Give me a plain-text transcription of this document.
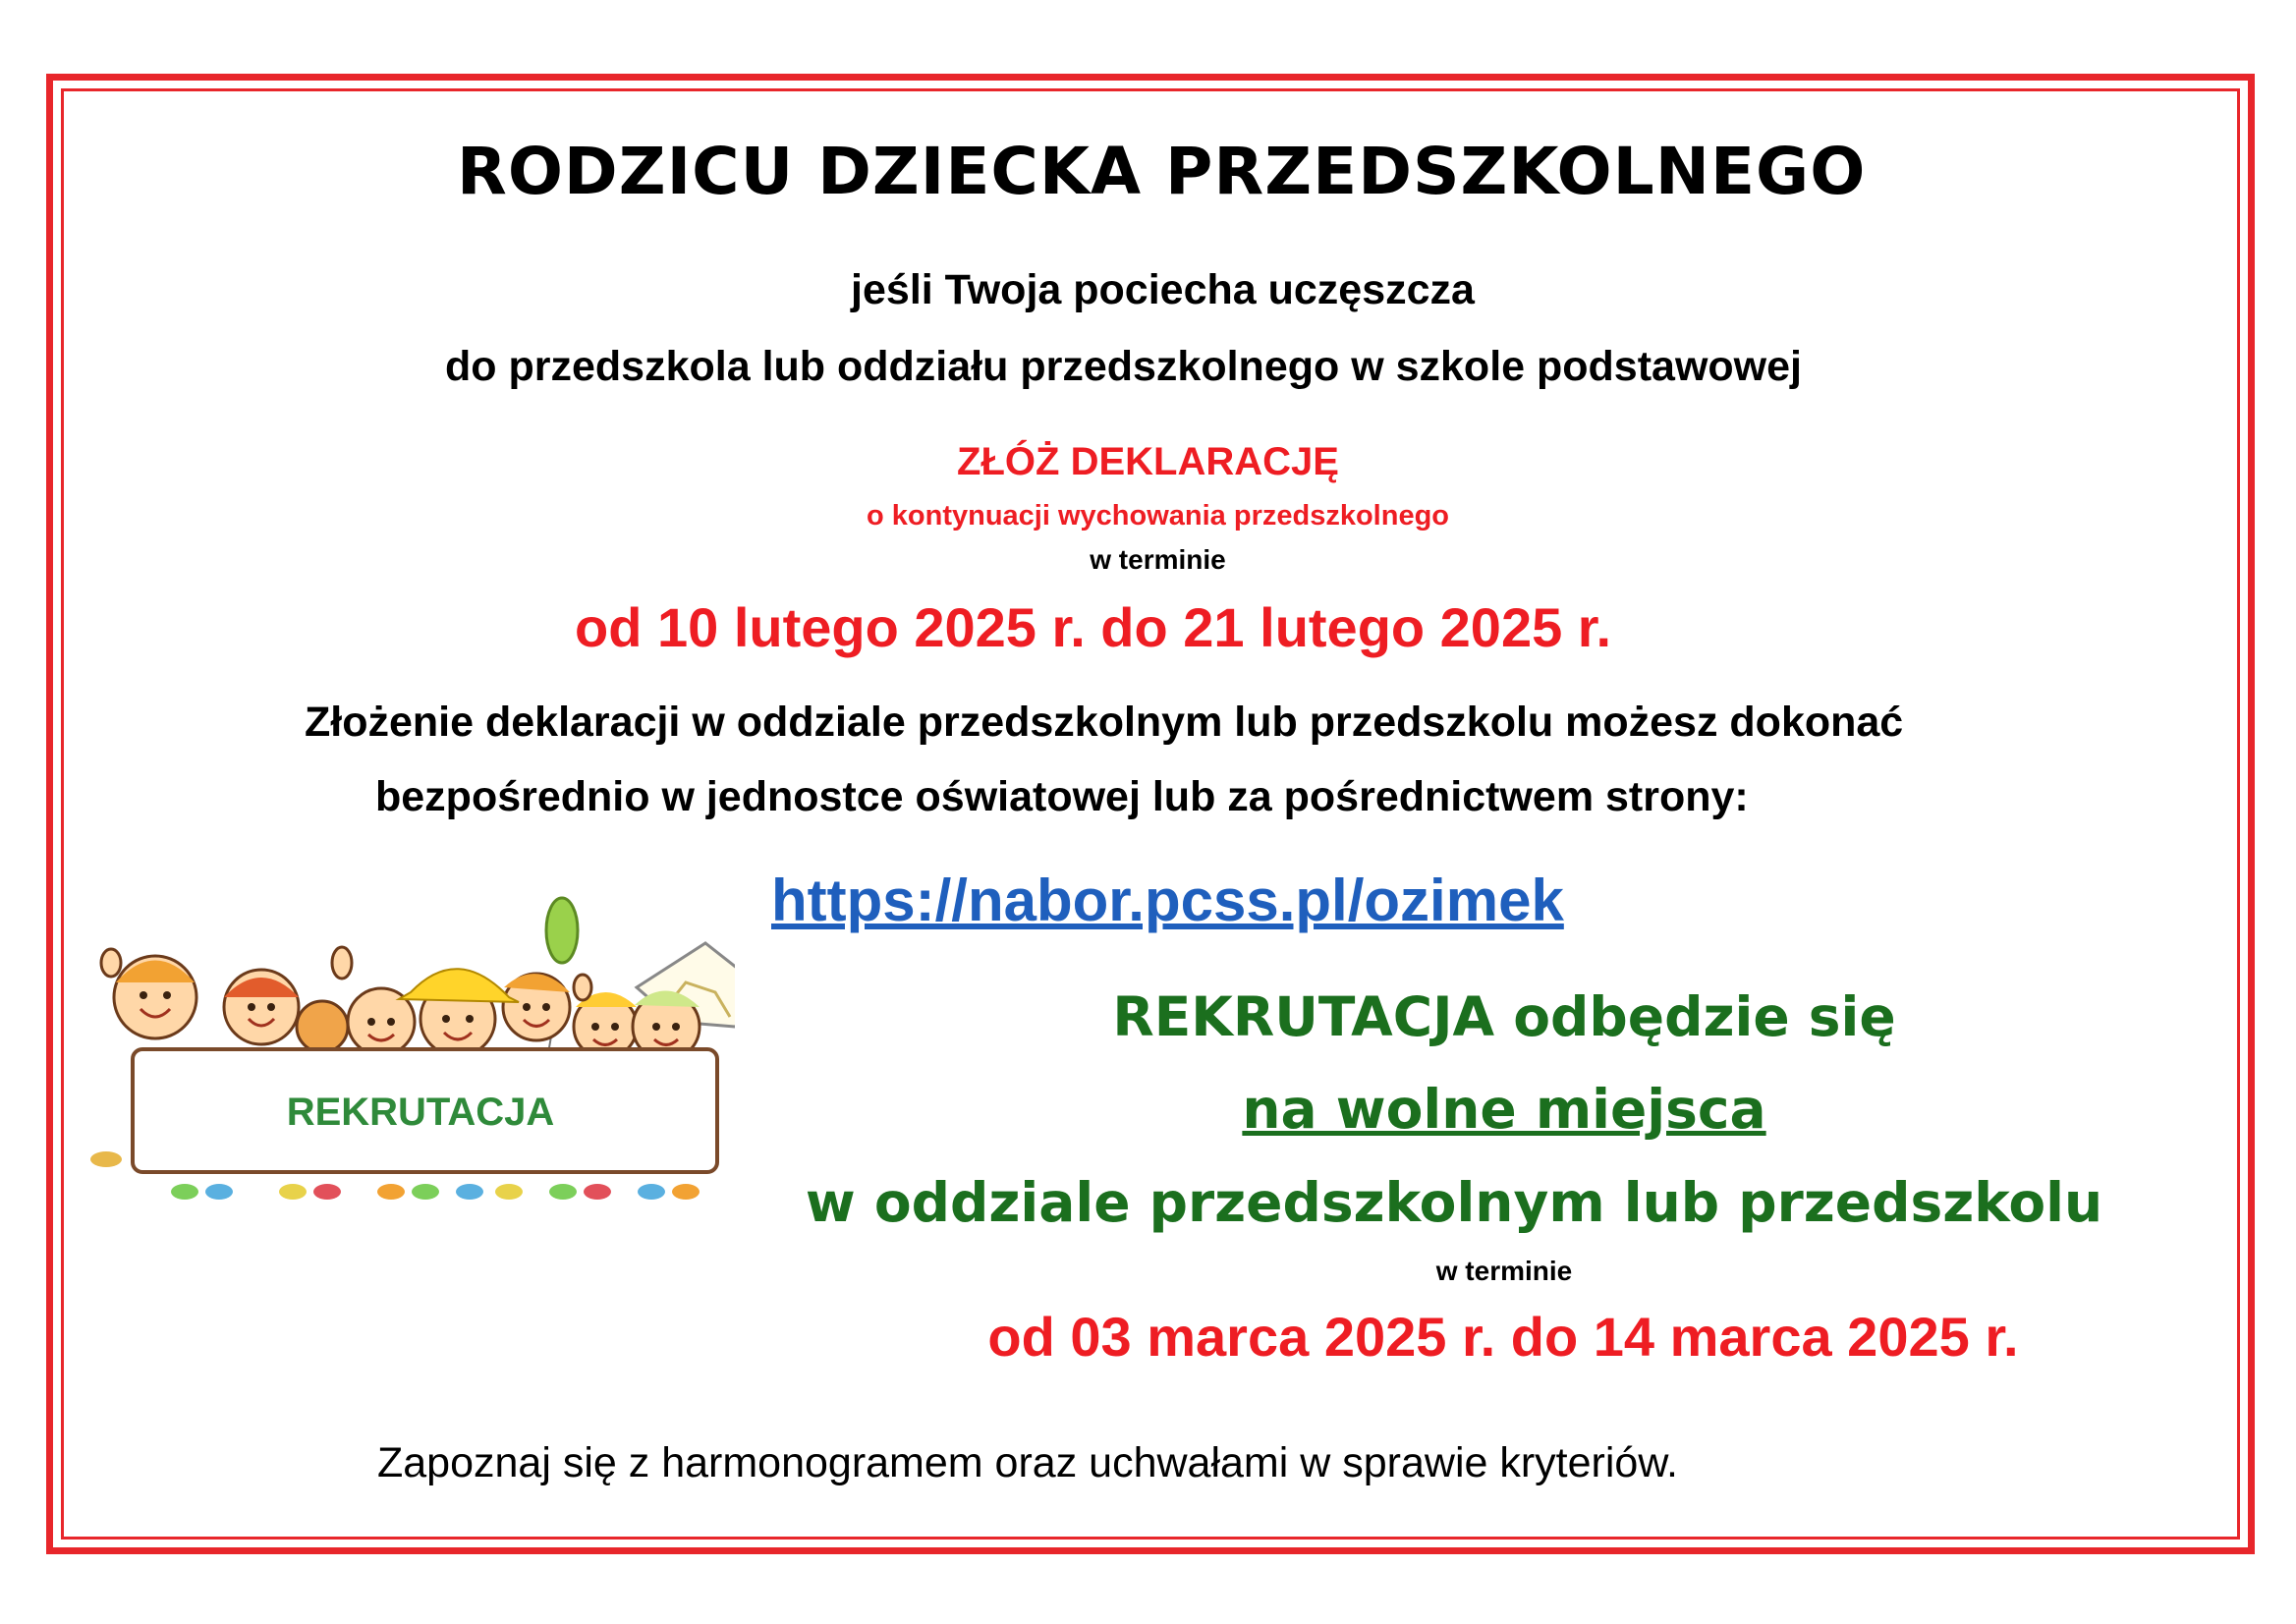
RODZICU DZIECKA PRZEDSZKOLNEGO
jeśli Twoja pociecha uczęszcza
do przedszkola lub oddziału przedszkolnego w szkole podstawowej
ZŁÓŻ DEKLARACJĘ
o kontynuacji wychowania przedszkolnego
w terminie
od 10 lutego 2025 r. do 21 lutego 2025 r.
Złożenie deklaracji w oddziale przedszkolnym lub przedszkolu możesz dokonać
bezpośrednio w jednostce oświatowej lub za pośrednictwem strony:
https://nabor.pcss.pl/ozimek
REKRUTACJA
REKRUTACJA odbędzie się
na wolne miejsca
w oddziale przedszkolnym lub przedszkolu
w terminie
od 03 marca 2025 r. do 14 marca 2025 r.
Zapoznaj się z harmonogramem oraz uchwałami w sprawie kryteriów.
